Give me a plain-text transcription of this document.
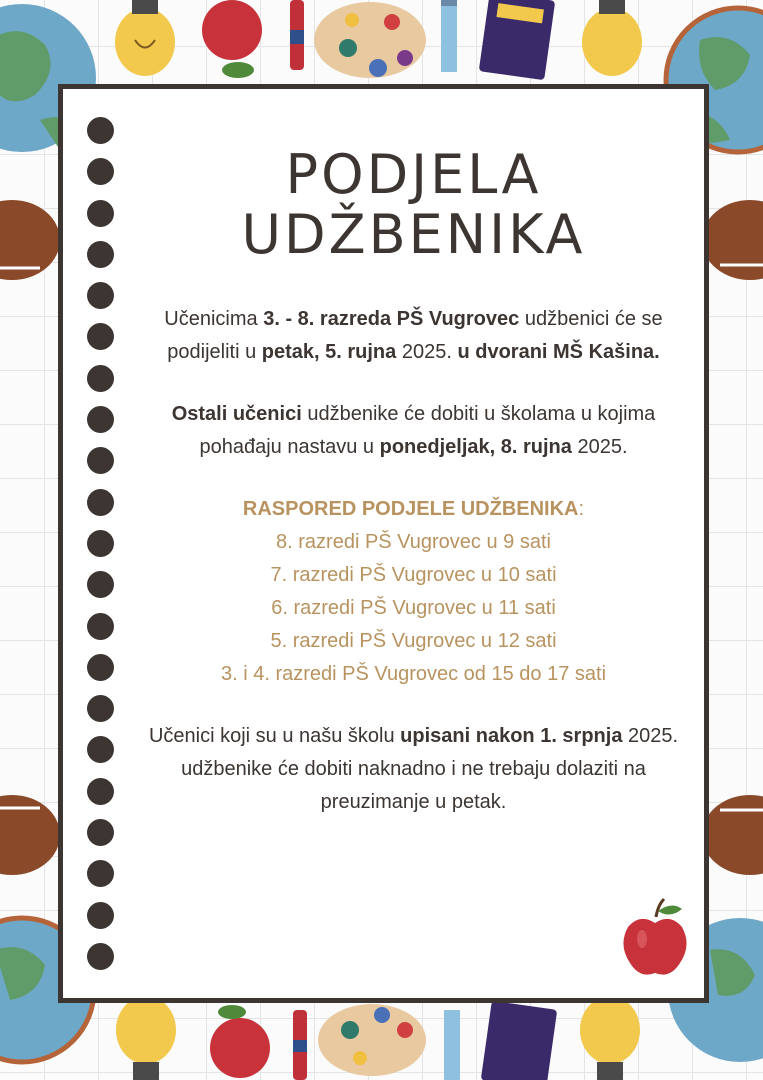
PODJELA
UDŽBENIKA

Učenicima 3. - 8. razreda PŠ Vugrovec udžbenici će se podijeliti u petak, 5. rujna 2025. u dvorani MŠ Kašina.

Ostali učenici udžbenike će dobiti u školama u kojima pohađaju nastavu u ponedjeljak, 8. rujna 2025.

RASPORED PODJELE UDŽBENIKA:

8. razredi PŠ Vugrovec u 9 sati

7. razredi PŠ Vugrovec u 10 sati

6. razredi PŠ Vugrovec u 11 sati

5. razredi PŠ Vugrovec u 12 sati

3. i 4. razredi PŠ Vugrovec od 15 do 17 sati

Učenici koji su u našu školu upisani nakon 1. srpnja 2025. udžbenike će dobiti naknadno i ne trebaju dolaziti na preuzimanje u petak.
